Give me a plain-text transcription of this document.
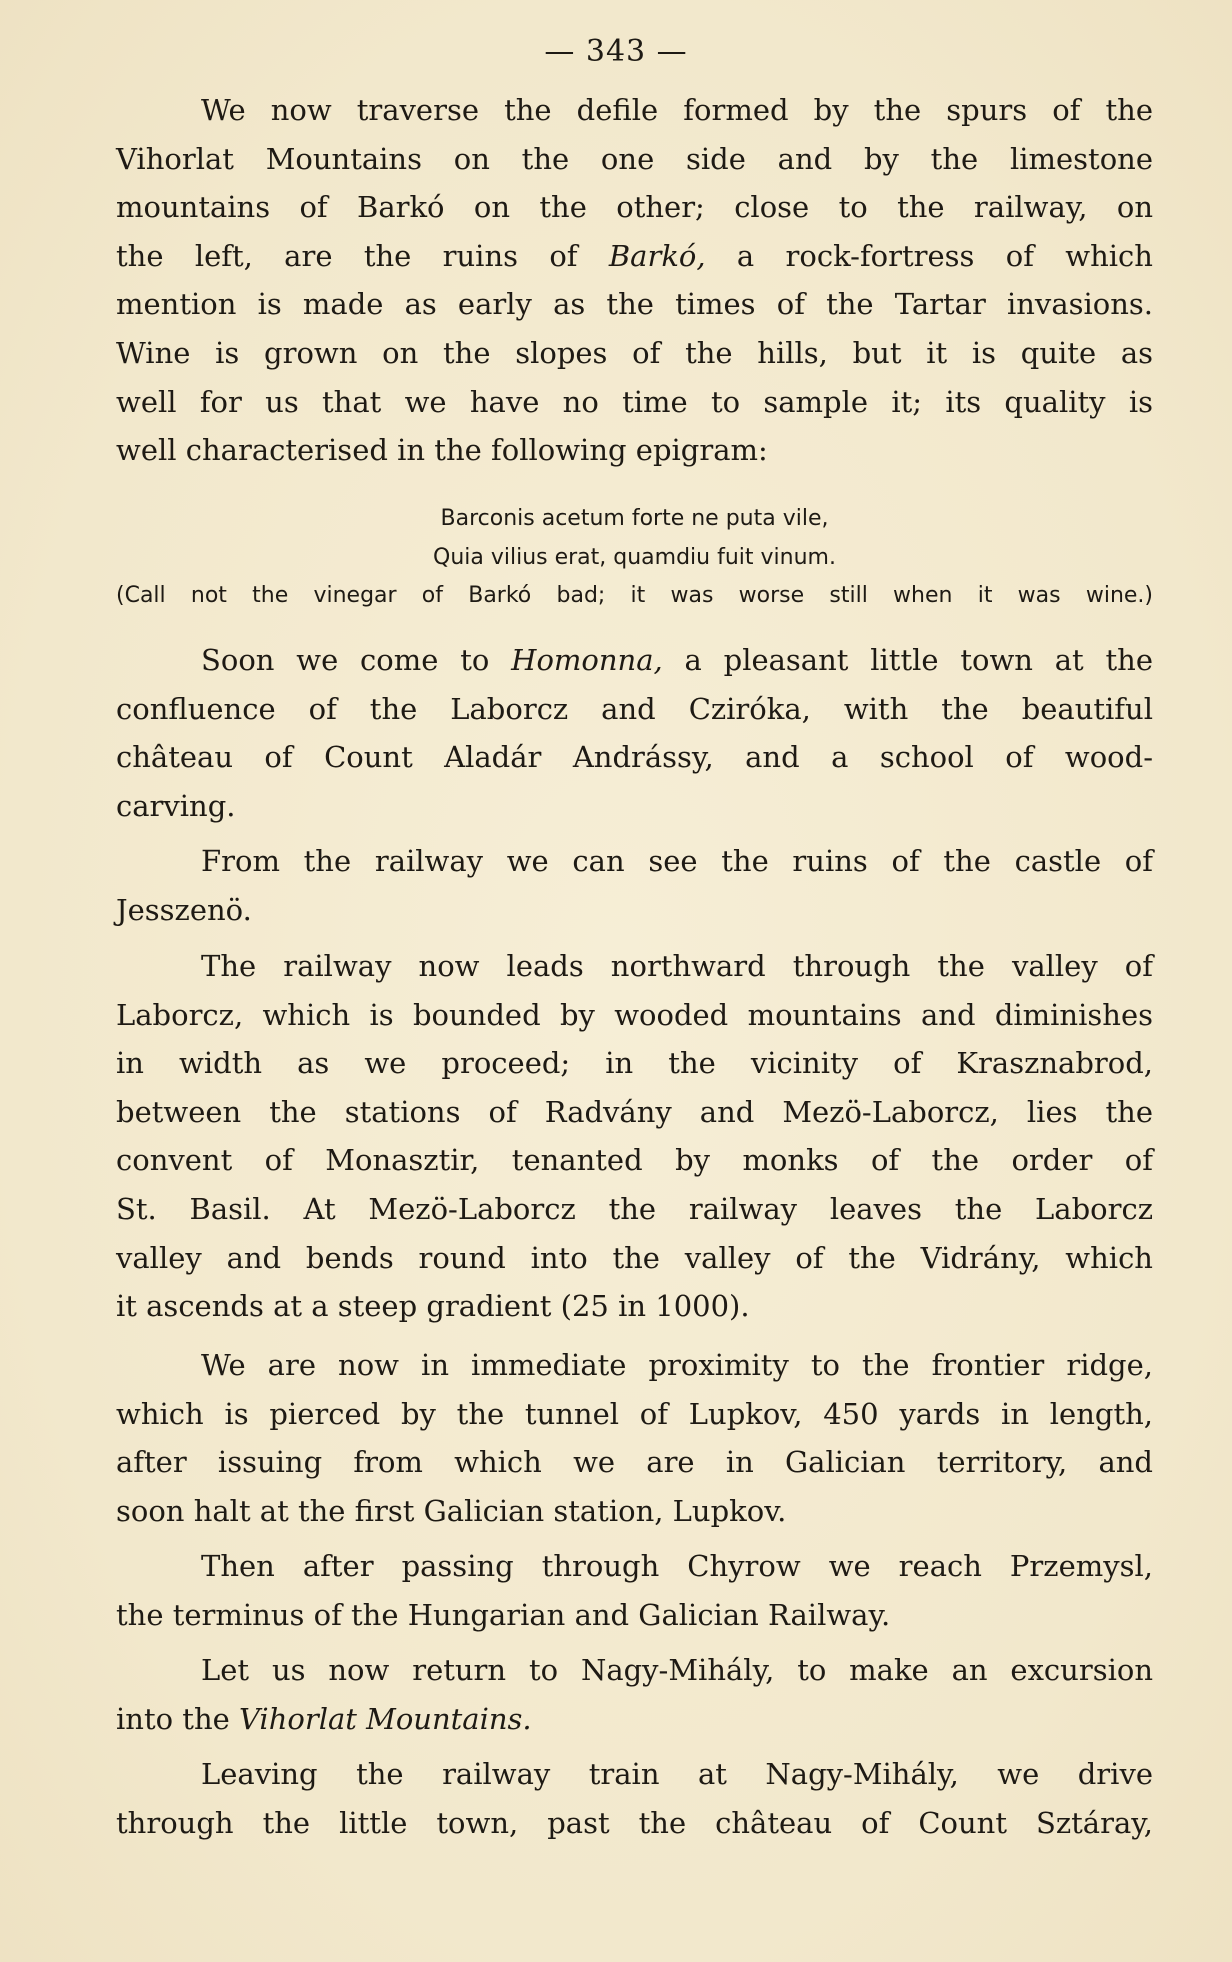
— 343 —
We now traverse the defile formed by the spurs of the
Vihorlat Mountains on the one side and by the limestone
mountains of Barkó on the other; close to the railway, on
the left, are the ruins of Barkó, a rock-fortress of which
mention is made as early as the times of the Tartar invasions.
Wine is grown on the slopes of the hills, but it is quite as
well for us that we have no time to sample it; its quality is
well characterised in the following epigram:
Barconis acetum forte ne puta vile,
Quia vilius erat, quamdiu fuit vinum.
(Call not the vinegar of Barkó bad; it was worse still when it was wine.)
Soon we come to Homonna, a pleasant little town at the
confluence of the Laborcz and Cziróka, with the beautiful
château of Count Aladár Andrássy, and a school of wood-
carving.
From the railway we can see the ruins of the castle of
Jesszenö.
The railway now leads northward through the valley of
Laborcz, which is bounded by wooded mountains and diminishes
in width as we proceed; in the vicinity of Krasznabrod,
between the stations of Radvány and Mezö-Laborcz, lies the
convent of Monasztir, tenanted by monks of the order of
St. Basil. At Mezö-Laborcz the railway leaves the Laborcz
valley and bends round into the valley of the Vidrány, which
it ascends at a steep gradient (25 in 1000).
We are now in immediate proximity to the frontier ridge,
which is pierced by the tunnel of Lupkov, 450 yards in length,
after issuing from which we are in Galician territory, and
soon halt at the first Galician station, Lupkov.
Then after passing through Chyrow we reach Przemysl,
the terminus of the Hungarian and Galician Railway.
Let us now return to Nagy-Mihály, to make an excursion
into the Vihorlat Mountains.
Leaving the railway train at Nagy-Mihály, we drive
through the little town, past the château of Count Sztáray,
